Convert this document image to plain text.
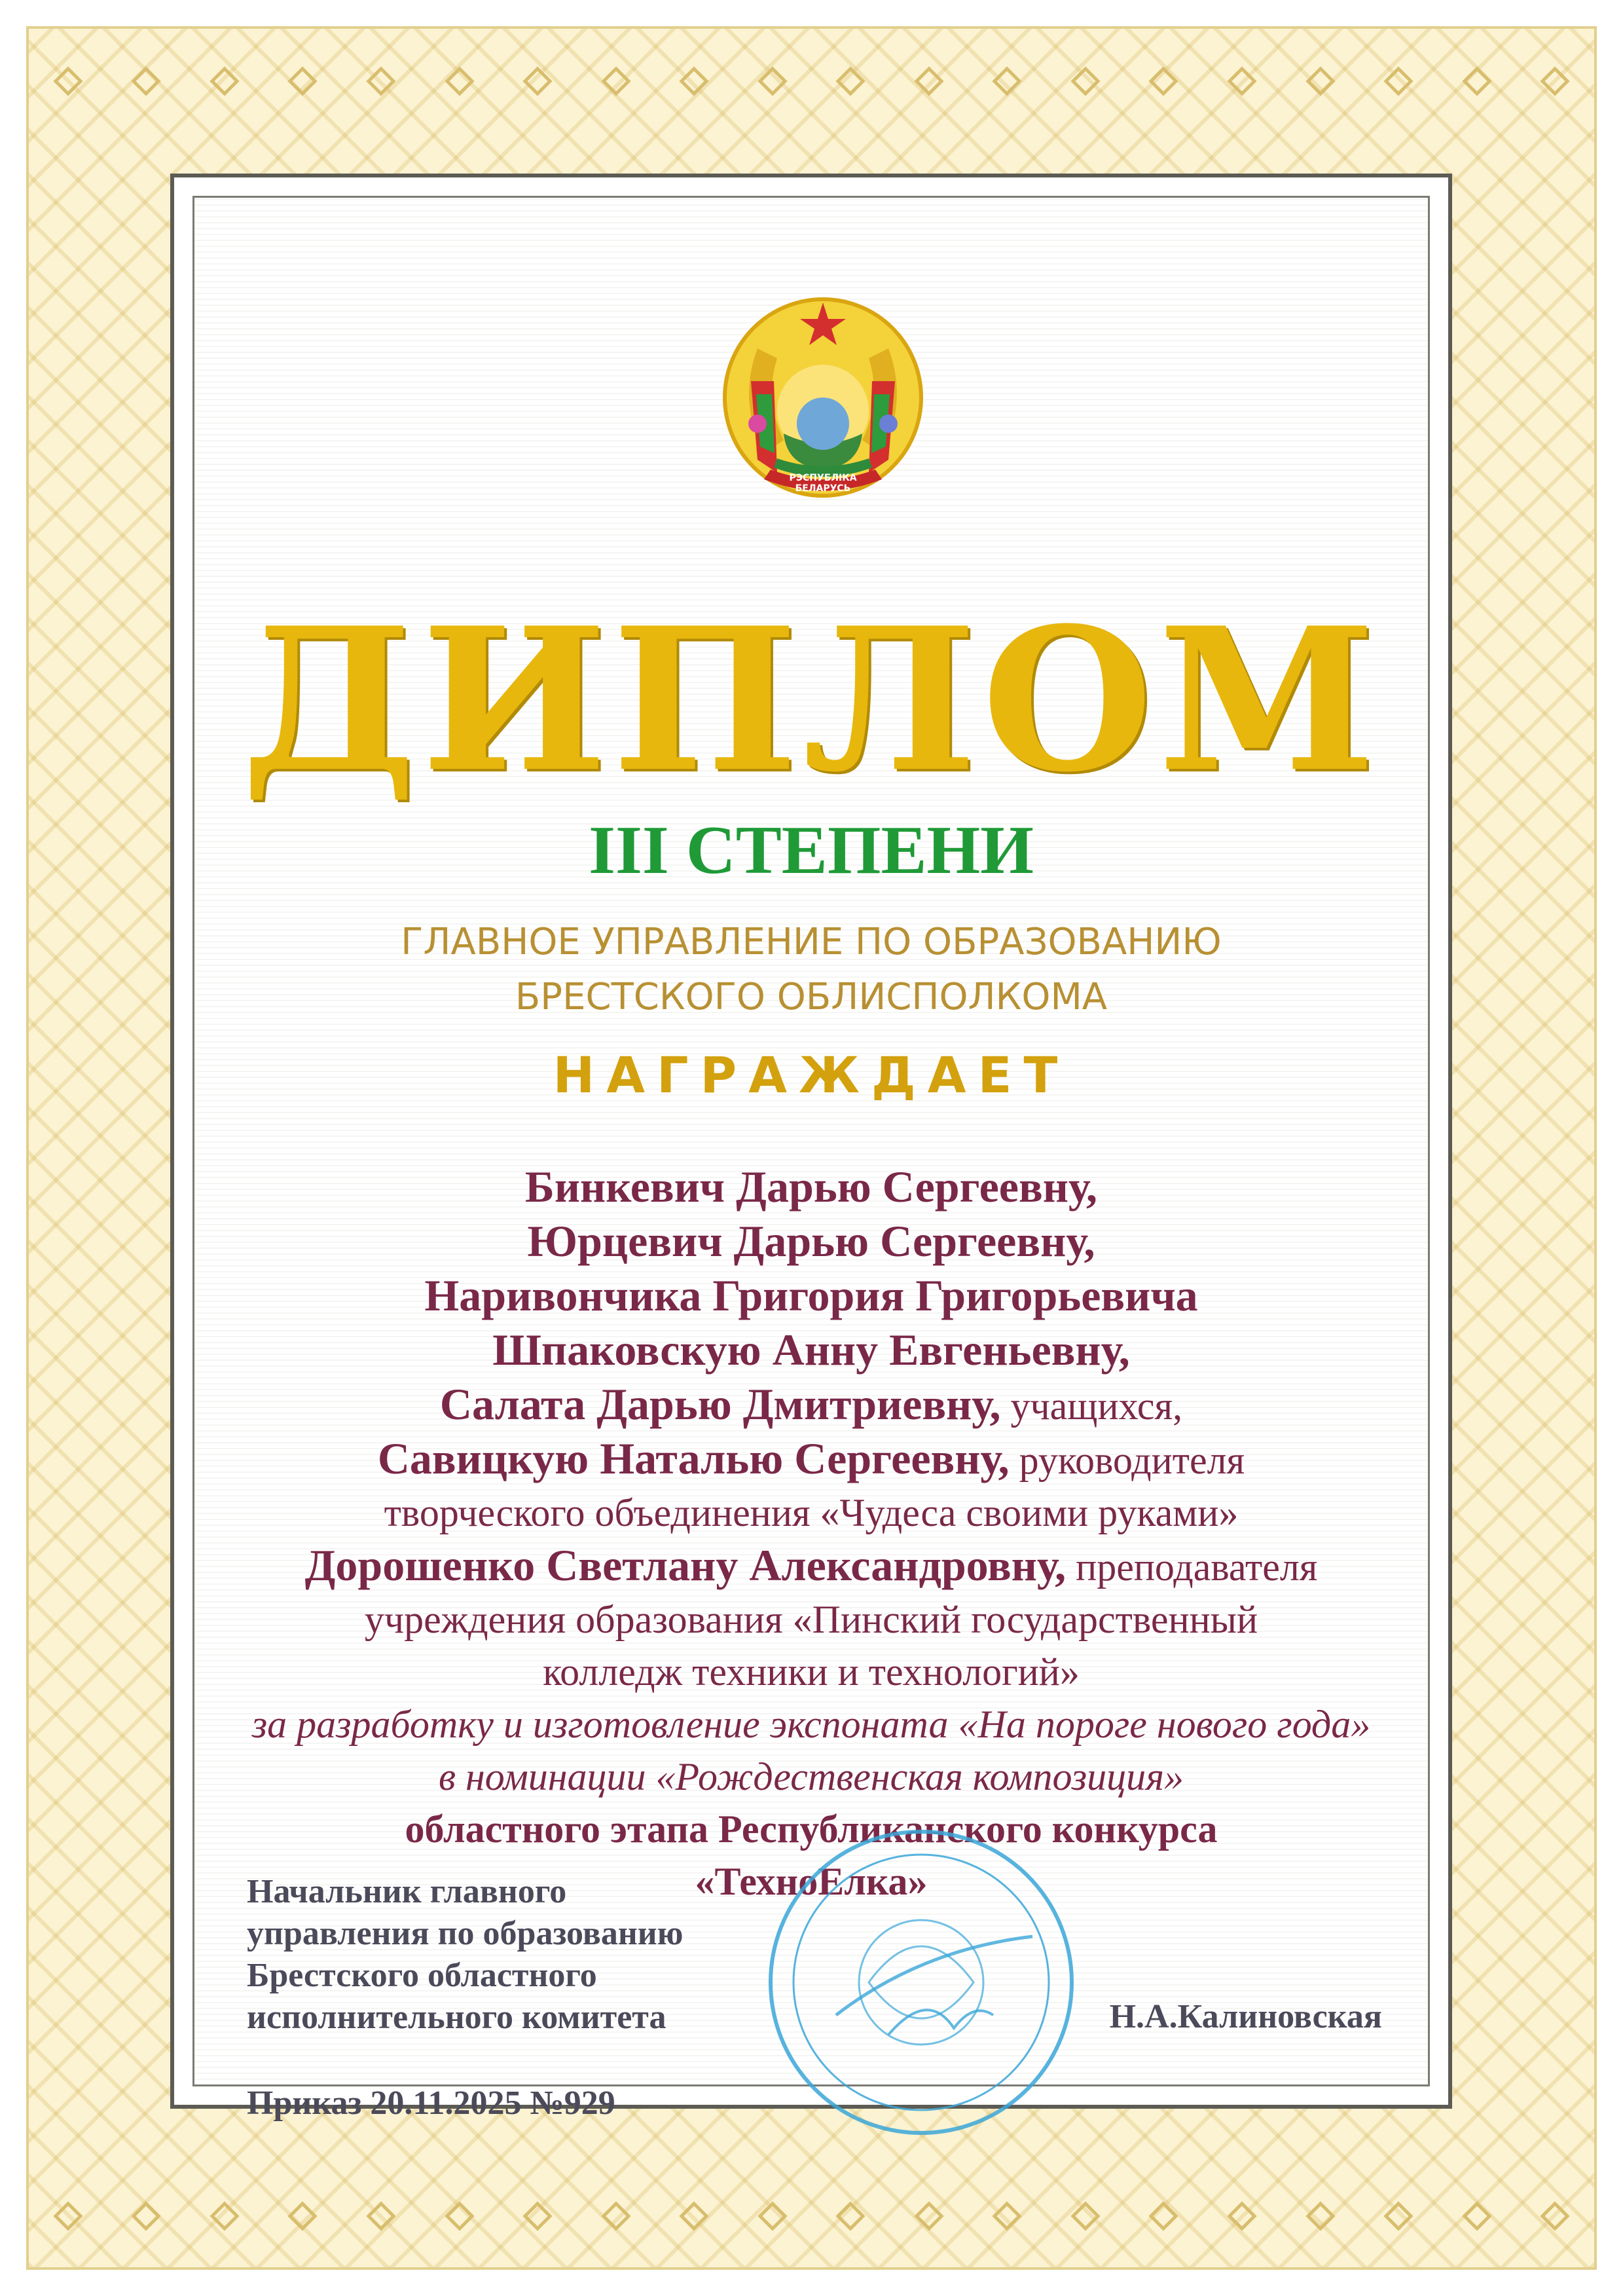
РЭСПУБЛІКА
БЕЛАРУСЬ
ДИПЛОМ
III СТЕПЕНИ
ГЛАВНОЕ УПРАВЛЕНИЕ ПО ОБРАЗОВАНИЮ
БРЕСТСКОГО ОБЛИСПОЛКОМА
НАГРАЖДАЕТ
Бинкевич Дарью Сергеевну,
Юрцевич Дарью Сергеевну,
Наривончика Григория Григорьевича
Шпаковскую Анну Евгеньевну,
Салата Дарью Дмитриевну, учащихся,
Савицкую Наталью Сергеевну, руководителя
творческого объединения «Чудеса своими руками»
Дорошенко Светлану Александровну, преподавателя
учреждения образования «Пинский государственный
колледж техники и технологий»
за разработку и изготовление экспоната «На пороге нового года»
в номинации «Рождественская композиция»
областного этапа Республиканского конкурса
«ТехноЕлка»
Начальник главного
управления по образованию
Брестского областного
исполнительного комитета	Н.А.Калиновская
Приказ 20.11.2025 №929
